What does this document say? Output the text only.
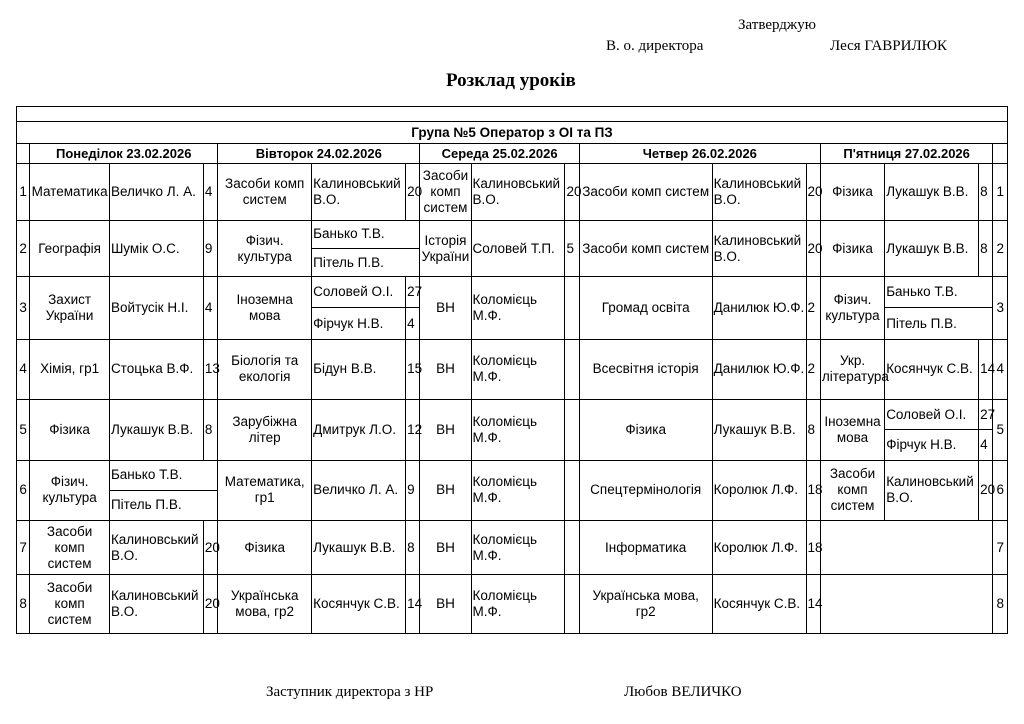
Затверджую
В. о. директора	Леся ГАВРИЛЮК
Розклад уроків

Група №5 Оператор з ОІ та ПЗ																
	Понеділок 23.02.2026			Вівторок 24.02.2026			Середа 25.02.2026			Четвер 26.02.2026			П'ятниця 27.02.2026			
1	Математика	Величко Л. А.	4	Засоби комп систем	Калиновський В.О.	20	Засоби комп систем	Калиновський В.О.	20	Засоби комп систем	Калиновський В.О.	20	Фізика	Лукашук В.В.	8	1
2	Географія	Шумік О.С.	9	Фізич. культура	Банько Т.В.		Історія України	Соловей Т.П.	5	Засоби комп систем	Калиновський В.О.	20	Фізика	Лукашук В.В.	8	2
					Пітель П.В.											
3	Захист України	Войтусік Н.І.	4	Іноземна мова	Соловей О.І.	27	ВН	Коломієць М.Ф.		Громад освіта	Данилюк Ю.Ф.	2	Фізич. культура	Банько Т.В.		3
					Фірчук Н.В.	4								Пітель П.В.		
4	Хімія, гр1	Стоцька В.Ф.	13	Біологія та екологія	Бідун В.В.	15	ВН	Коломієць М.Ф.		Всесвітня історія	Данилюк Ю.Ф.	2	Укр. література	Косянчук С.В.	14	4
5	Фізика	Лукашук В.В.	8	Зарубіжна літер	Дмитрук Л.О.	12	ВН	Коломієць М.Ф.		Фізика	Лукашук В.В.	8	Іноземна мова	Соловей О.І.	27	5
														Фірчук Н.В.	4	
6	Фізич. культура	Банько Т.В.		Математика, гр1	Величко Л. А.	9	ВН	Коломієць М.Ф.		Спецтермінологія	Королюк Л.Ф.	18	Засоби комп систем	Калиновський В.О.	20	6
		Пітель П.В.														
7	Засоби комп систем	Калиновський В.О.	20	Фізика	Лукашук В.В.	8	ВН	Коломієць М.Ф.		Інформатика	Королюк Л.Ф.	18				7
8	Засоби комп систем	Калиновський В.О.	20	Українська мова, гр2	Косянчук С.В.	14	ВН	Коломієць М.Ф.		Українська мова, гр2	Косянчук С.В.	14				8
Заступник директора з НР	Любов ВЕЛИЧКО
